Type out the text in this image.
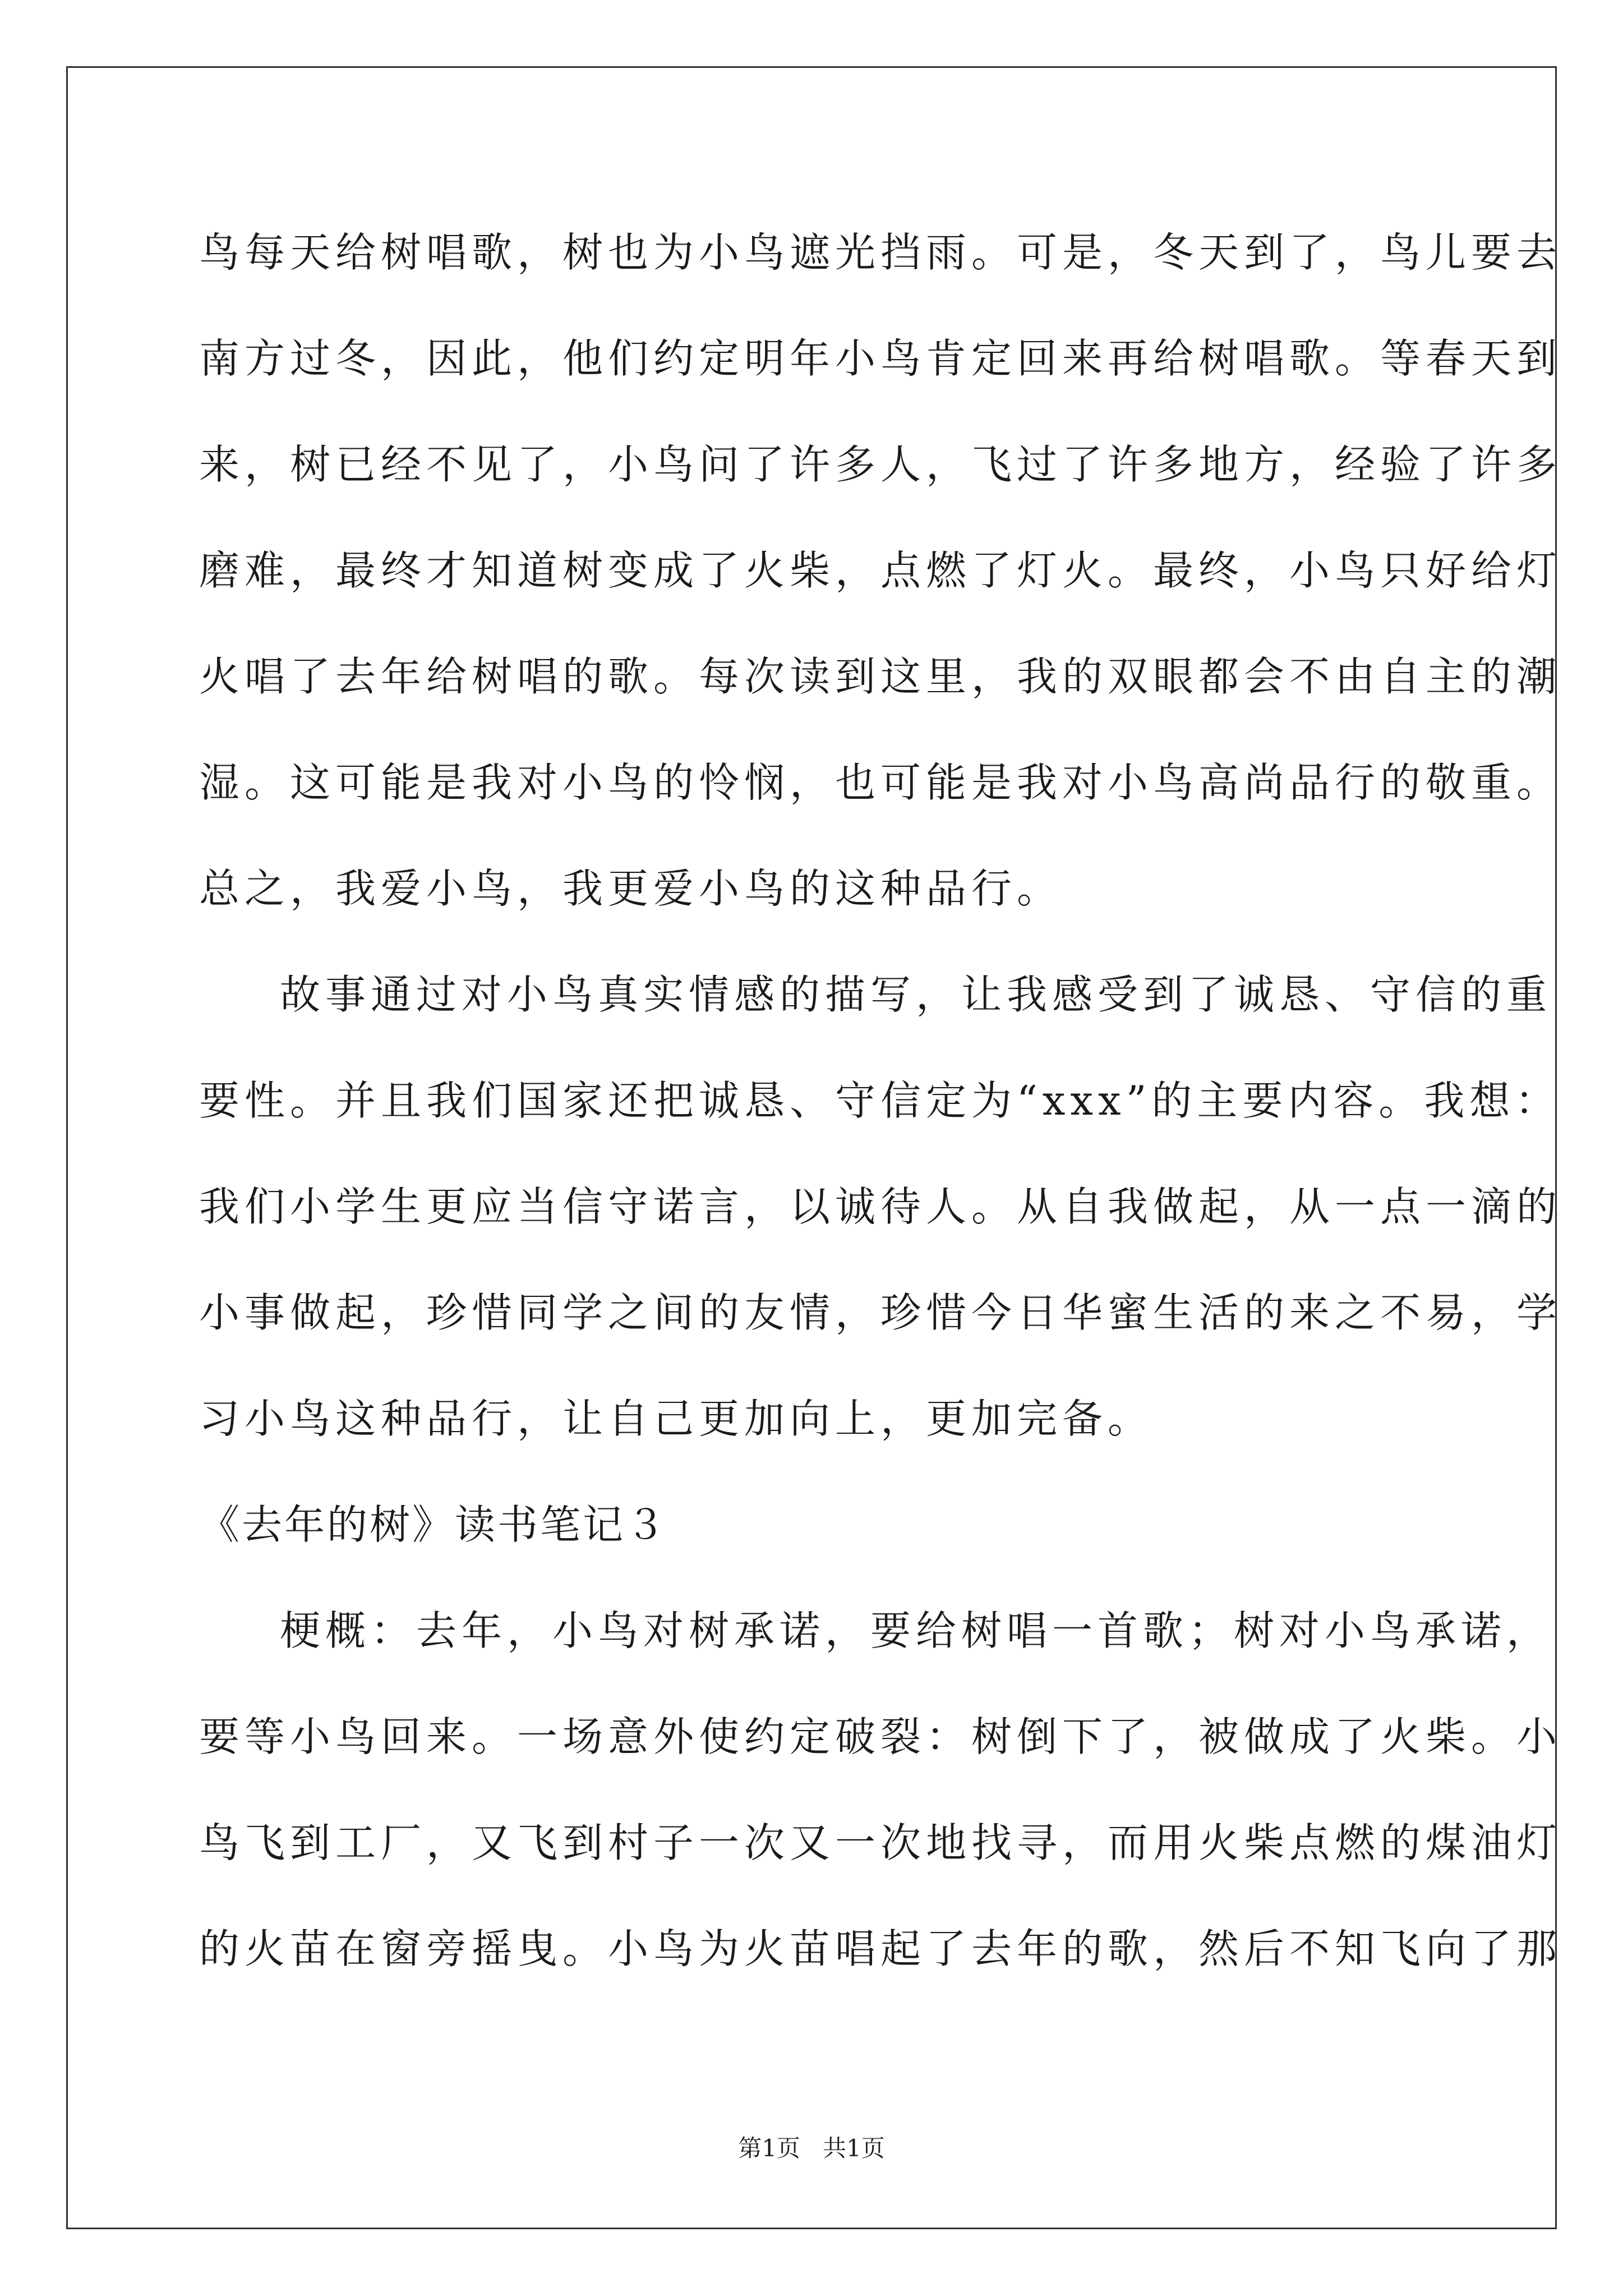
鸟每天给树唱歌，树也为小鸟遮光挡雨。可是，冬天到了，鸟儿要去
南方过冬，因此，他们约定明年小鸟肯定回来再给树唱歌。等春天到
来，树已经不见了，小鸟问了许多人，飞过了许多地方，经验了许多
磨难，最终才知道树变成了火柴，点燃了灯火。最终，小鸟只好给灯
火唱了去年给树唱的歌。每次读到这里，我的双眼都会不由自主的潮
湿。这可能是我对小鸟的怜悯，也可能是我对小鸟高尚品行的敬重。
总之，我爱小鸟，我更爱小鸟的这种品行。
故事通过对小鸟真实情感的描写，让我感受到了诚恳、守信的重
要性。并且我们国家还把诚恳、守信定为“xxx”的主要内容。我想：
我们小学生更应当信守诺言，以诚待人。从自我做起，从一点一滴的
小事做起，珍惜同学之间的友情，珍惜今日华蜜生活的来之不易，学
习小鸟这种品行，让自己更加向上，更加完备。
《去年的树》读书笔记３
梗概：去年，小鸟对树承诺，要给树唱一首歌；树对小鸟承诺，
要等小鸟回来。一场意外使约定破裂：树倒下了，被做成了火柴。小
鸟飞到工厂，又飞到村子一次又一次地找寻，而用火柴点燃的煤油灯
的火苗在窗旁摇曳。小鸟为火苗唱起了去年的歌，然后不知飞向了那
第1页 共1页
